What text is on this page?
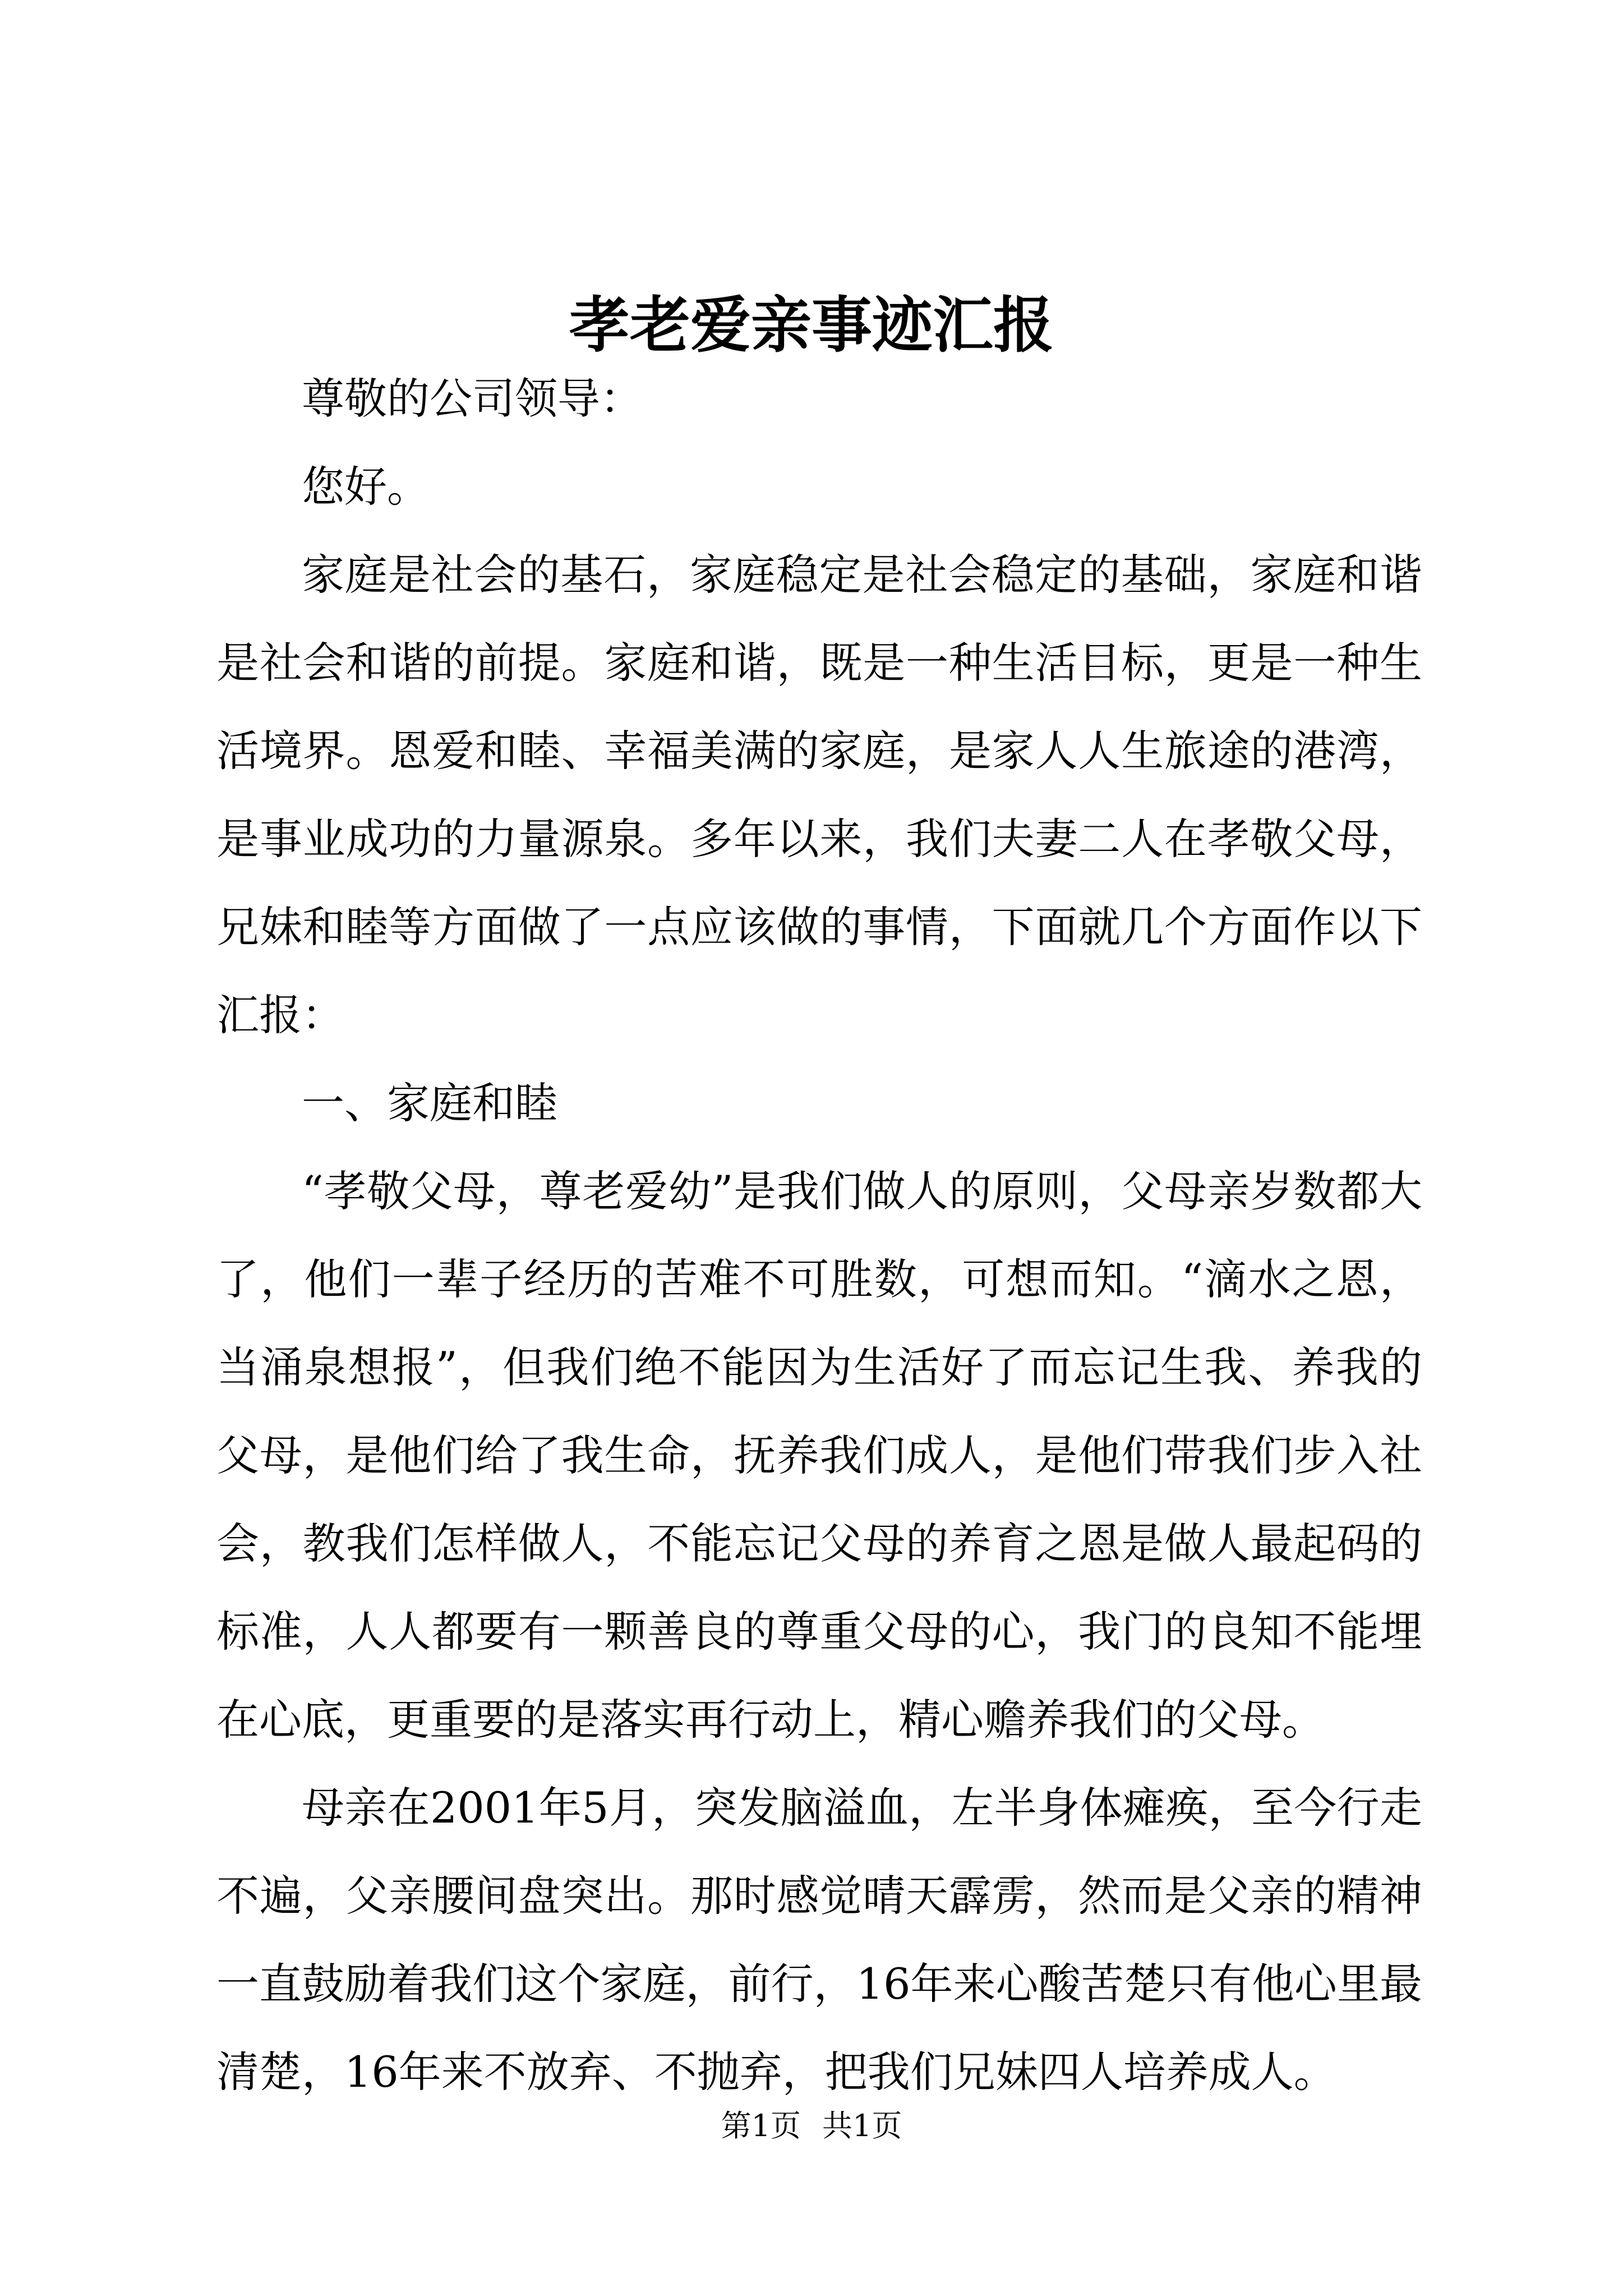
孝老爱亲事迹汇报

尊敬的公司领导：

您好。

家庭是社会的基石，家庭稳定是社会稳定的基础，家庭和谐是社会和谐的前提。家庭和谐，既是一种生活目标，更是一种生活境界。恩爱和睦、幸福美满的家庭，是家人人生旅途的港湾，是事业成功的力量源泉。多年以来，我们夫妻二人在孝敬父母，兄妹和睦等方面做了一点应该做的事情，下面就几个方面作以下汇报：

一、家庭和睦

“孝敬父母，尊老爱幼”是我们做人的原则，父母亲岁数都大了，他们一辈子经历的苦难不可胜数，可想而知。“滴水之恩，当涌泉想报”，但我们绝不能因为生活好了而忘记生我、养我的父母，是他们给了我生命，抚养我们成人，是他们带我们步入社会，教我们怎样做人，不能忘记父母的养育之恩是做人最起码的标准，人人都要有一颗善良的尊重父母的心，我门的良知不能埋在心底，更重要的是落实再行动上，精心赡养我们的父母。

母亲在2001年5月，突发脑溢血，左半身体瘫痪，至今行走不遍，父亲腰间盘突出。那时感觉晴天霹雳，然而是父亲的精神一直鼓励着我们这个家庭，前行，16年来心酸苦楚只有他心里最清楚，16年来不放弃、不抛弃，把我们兄妹四人培养成人。

第1页 共1页
